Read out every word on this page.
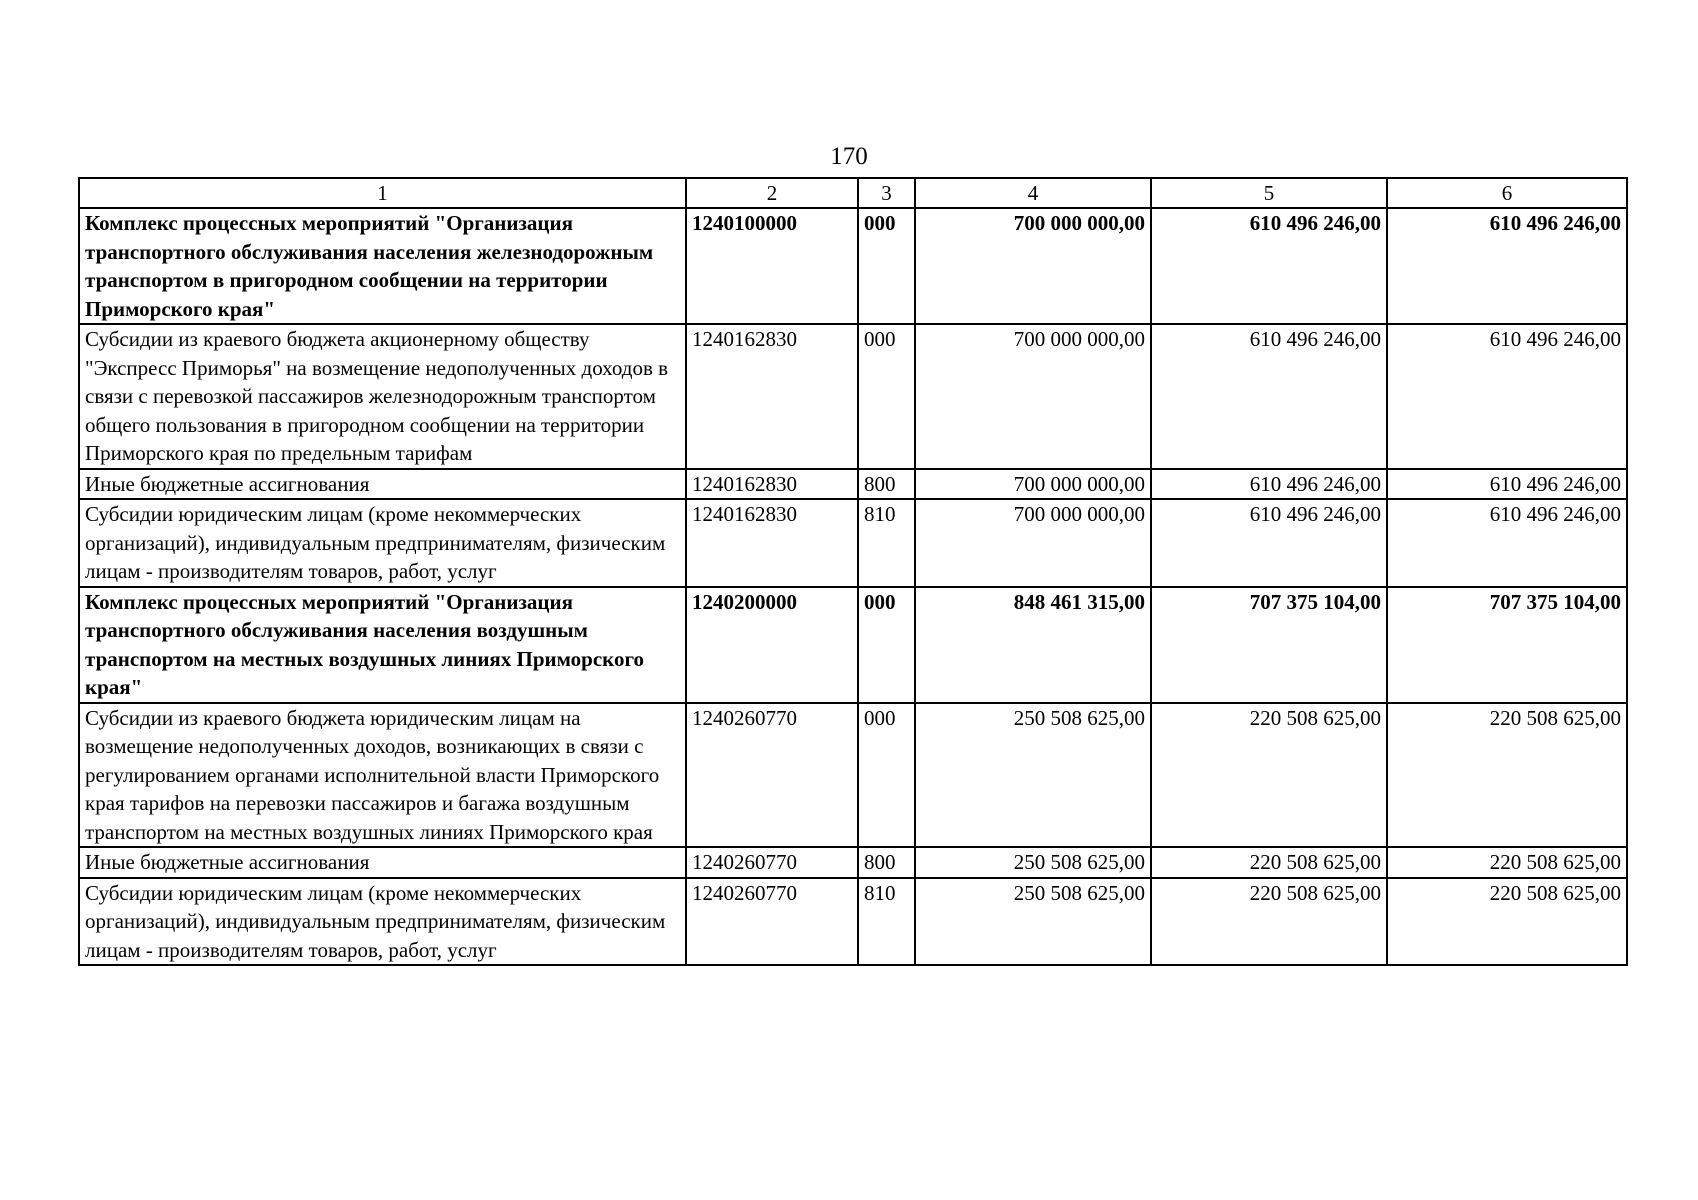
170
1	2	3	4	5	6
Комплекс процессных мероприятий "Организация транспортного обслуживания населения железнодорожным транспортом в пригородном сообщении на территории Приморского края"	1240100000	000	700 000 000,00	610 496 246,00	610 496 246,00
Субсидии из краевого бюджета акционерному обществу "Экспресс Приморья" на возмещение недополученных доходов в связи с перевозкой пассажиров железнодорожным транспортом общего пользования в пригородном сообщении на территории Приморского края по предельным тарифам	1240162830	000	700 000 000,00	610 496 246,00	610 496 246,00
Иные бюджетные ассигнования	1240162830	800	700 000 000,00	610 496 246,00	610 496 246,00
Субсидии юридическим лицам (кроме некоммерческих организаций), индивидуальным предпринимателям, физическим лицам - производителям товаров, работ, услуг	1240162830	810	700 000 000,00	610 496 246,00	610 496 246,00
Комплекс процессных мероприятий "Организация транспортного обслуживания населения воздушным транспортом на местных воздушных линиях Приморского края"	1240200000	000	848 461 315,00	707 375 104,00	707 375 104,00
Субсидии из краевого бюджета юридическим лицам на возмещение недополученных доходов, возникающих в связи с регулированием органами исполнительной власти Приморского края тарифов на перевозки пассажиров и багажа воздушным транспортом на местных воздушных линиях Приморского края	1240260770	000	250 508 625,00	220 508 625,00	220 508 625,00
Иные бюджетные ассигнования	1240260770	800	250 508 625,00	220 508 625,00	220 508 625,00
Субсидии юридическим лицам (кроме некоммерческих организаций), индивидуальным предпринимателям, физическим лицам - производителям товаров, работ, услуг	1240260770	810	250 508 625,00	220 508 625,00	220 508 625,00
